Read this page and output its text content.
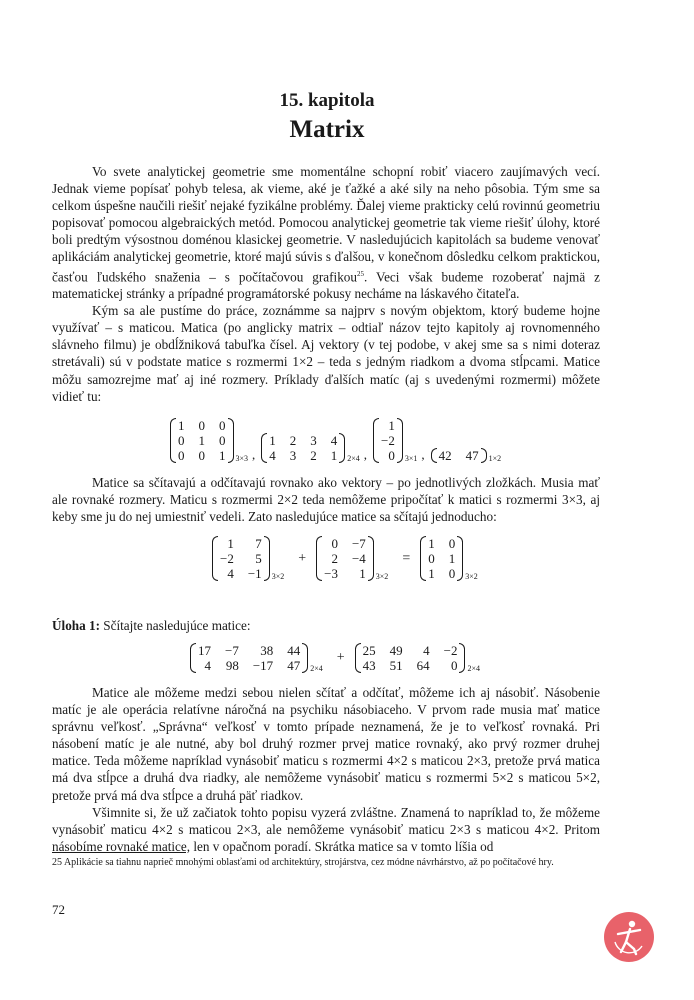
15. kapitola
Matrix

Vo svete analytickej geometrie sme momentálne schopní robiť viacero zaujímavých vecí. Jednak vieme popísať pohyb telesa, ak vieme, aké je ťažké a aké sily na neho pôsobia. Tým sme sa celkom úspešne naučili riešiť nejaké fyzikálne problémy. Ďalej vieme prakticky celú rovinnú geometriu popisovať pomocou algebraických metód. Pomocou analytickej geometrie tak vieme riešiť úlohy, ktoré boli predtým výsostnou doménou klasickej geometrie. V nasledujúcich kapitolách sa budeme venovať aplikáciám analytickej geometrie, ktoré majú súvis s ďalšou, v konečnom dôsledku celkom praktickou, časťou ľudského snaženia – s počítačovou grafikou$^{25}$. Veci však budeme rozoberať najmä z matematickej stránky a prípadné programátorské pokusy necháme na láskavého čitateľa.

Kým sa ale pustíme do práce, zoznámme sa najprv s novým objektom, ktorý budeme hojne využívať – s maticou. Matica (po anglicky matrix – odtiaľ názov tejto kapitoly aj rovnomenného slávneho filmu) je obdĺžniková tabuľka čísel. Aj vektory (v tej podobe, v akej sme sa s nimi doteraz stretávali) sú v podstate matice s rozmermi 1×2 – teda s jedným riadkom a dvoma stĺpcami. Matice môžu samozrejme mať aj iné rozmery. Príklady ďalších matíc (aj s uvedenými rozmermi) môžete vidieť tu:

1 0 0
0 1 0
0 0 1 3×3 ,
1 2 3 4
4 3 2 1 2×4 ,
1
−2
0 3×1 , 42 47 1×2

Matice sa sčítavajú a odčítavajú rovnako ako vektory – po jednotlivých zložkách. Musia mať ale rovnaké rozmery. Maticu s rozmermi 2×2 teda nemôžeme pripočítať k matici s rozmermi 3×3, aj keby sme ju do nej umiestniť vedeli. Zato nasledujúce matice sa sčítajú jednoducho:

1	7
−2	5
4 −1 3×2
+
0 −7
2 −4
−3	1 3×2
=
1 0
0 1
1 0 3×2

Úloha 1: Sčítajte nasledujúce matice:

17 −7	38 44
4 98 −17 47 2×4
+ 25 49	4 −2
43 51 64	0 2×4

Matice ale môžeme medzi sebou nielen sčítať a odčítať, môžeme ich aj násobiť. Násobenie matíc je ale operácia relatívne náročná na psychiku násobiaceho. V prvom rade musia mať matice správnu veľkosť. „Správna“ veľkosť v tomto prípade neznamená, že je to veľkosť rovnaká. Pri násobení matíc je ale nutné, aby bol druhý rozmer prvej matice rovnaký, ako prvý rozmer druhej matice. Teda môžeme napríklad vynásobiť maticu s rozmermi 4×2 s maticou 2×3, pretože prvá matica má dva stĺpce a druhá dva riadky, ale nemôžeme vynásobiť maticu s rozmermi 5×2 s maticou 5×2, pretože prvá má dva stĺpce a druhá päť riadkov.

Všimnite si, že už začiatok tohto popisu vyzerá zvláštne. Znamená to napríklad to, že môžeme vynásobiť maticu 4×2 s maticou 2×3, ale nemôžeme vynásobiť maticu 2×3 s maticou 4×2. Pritom násobíme rovnaké matice, len v opačnom poradí. Skrátka matice sa v tomto líšia od

25 Aplikácie sa tiahnu naprieč mnohými oblasťami od architektúry, strojárstva, cez módne návrhárstvo, až po počítačové hry.
72
